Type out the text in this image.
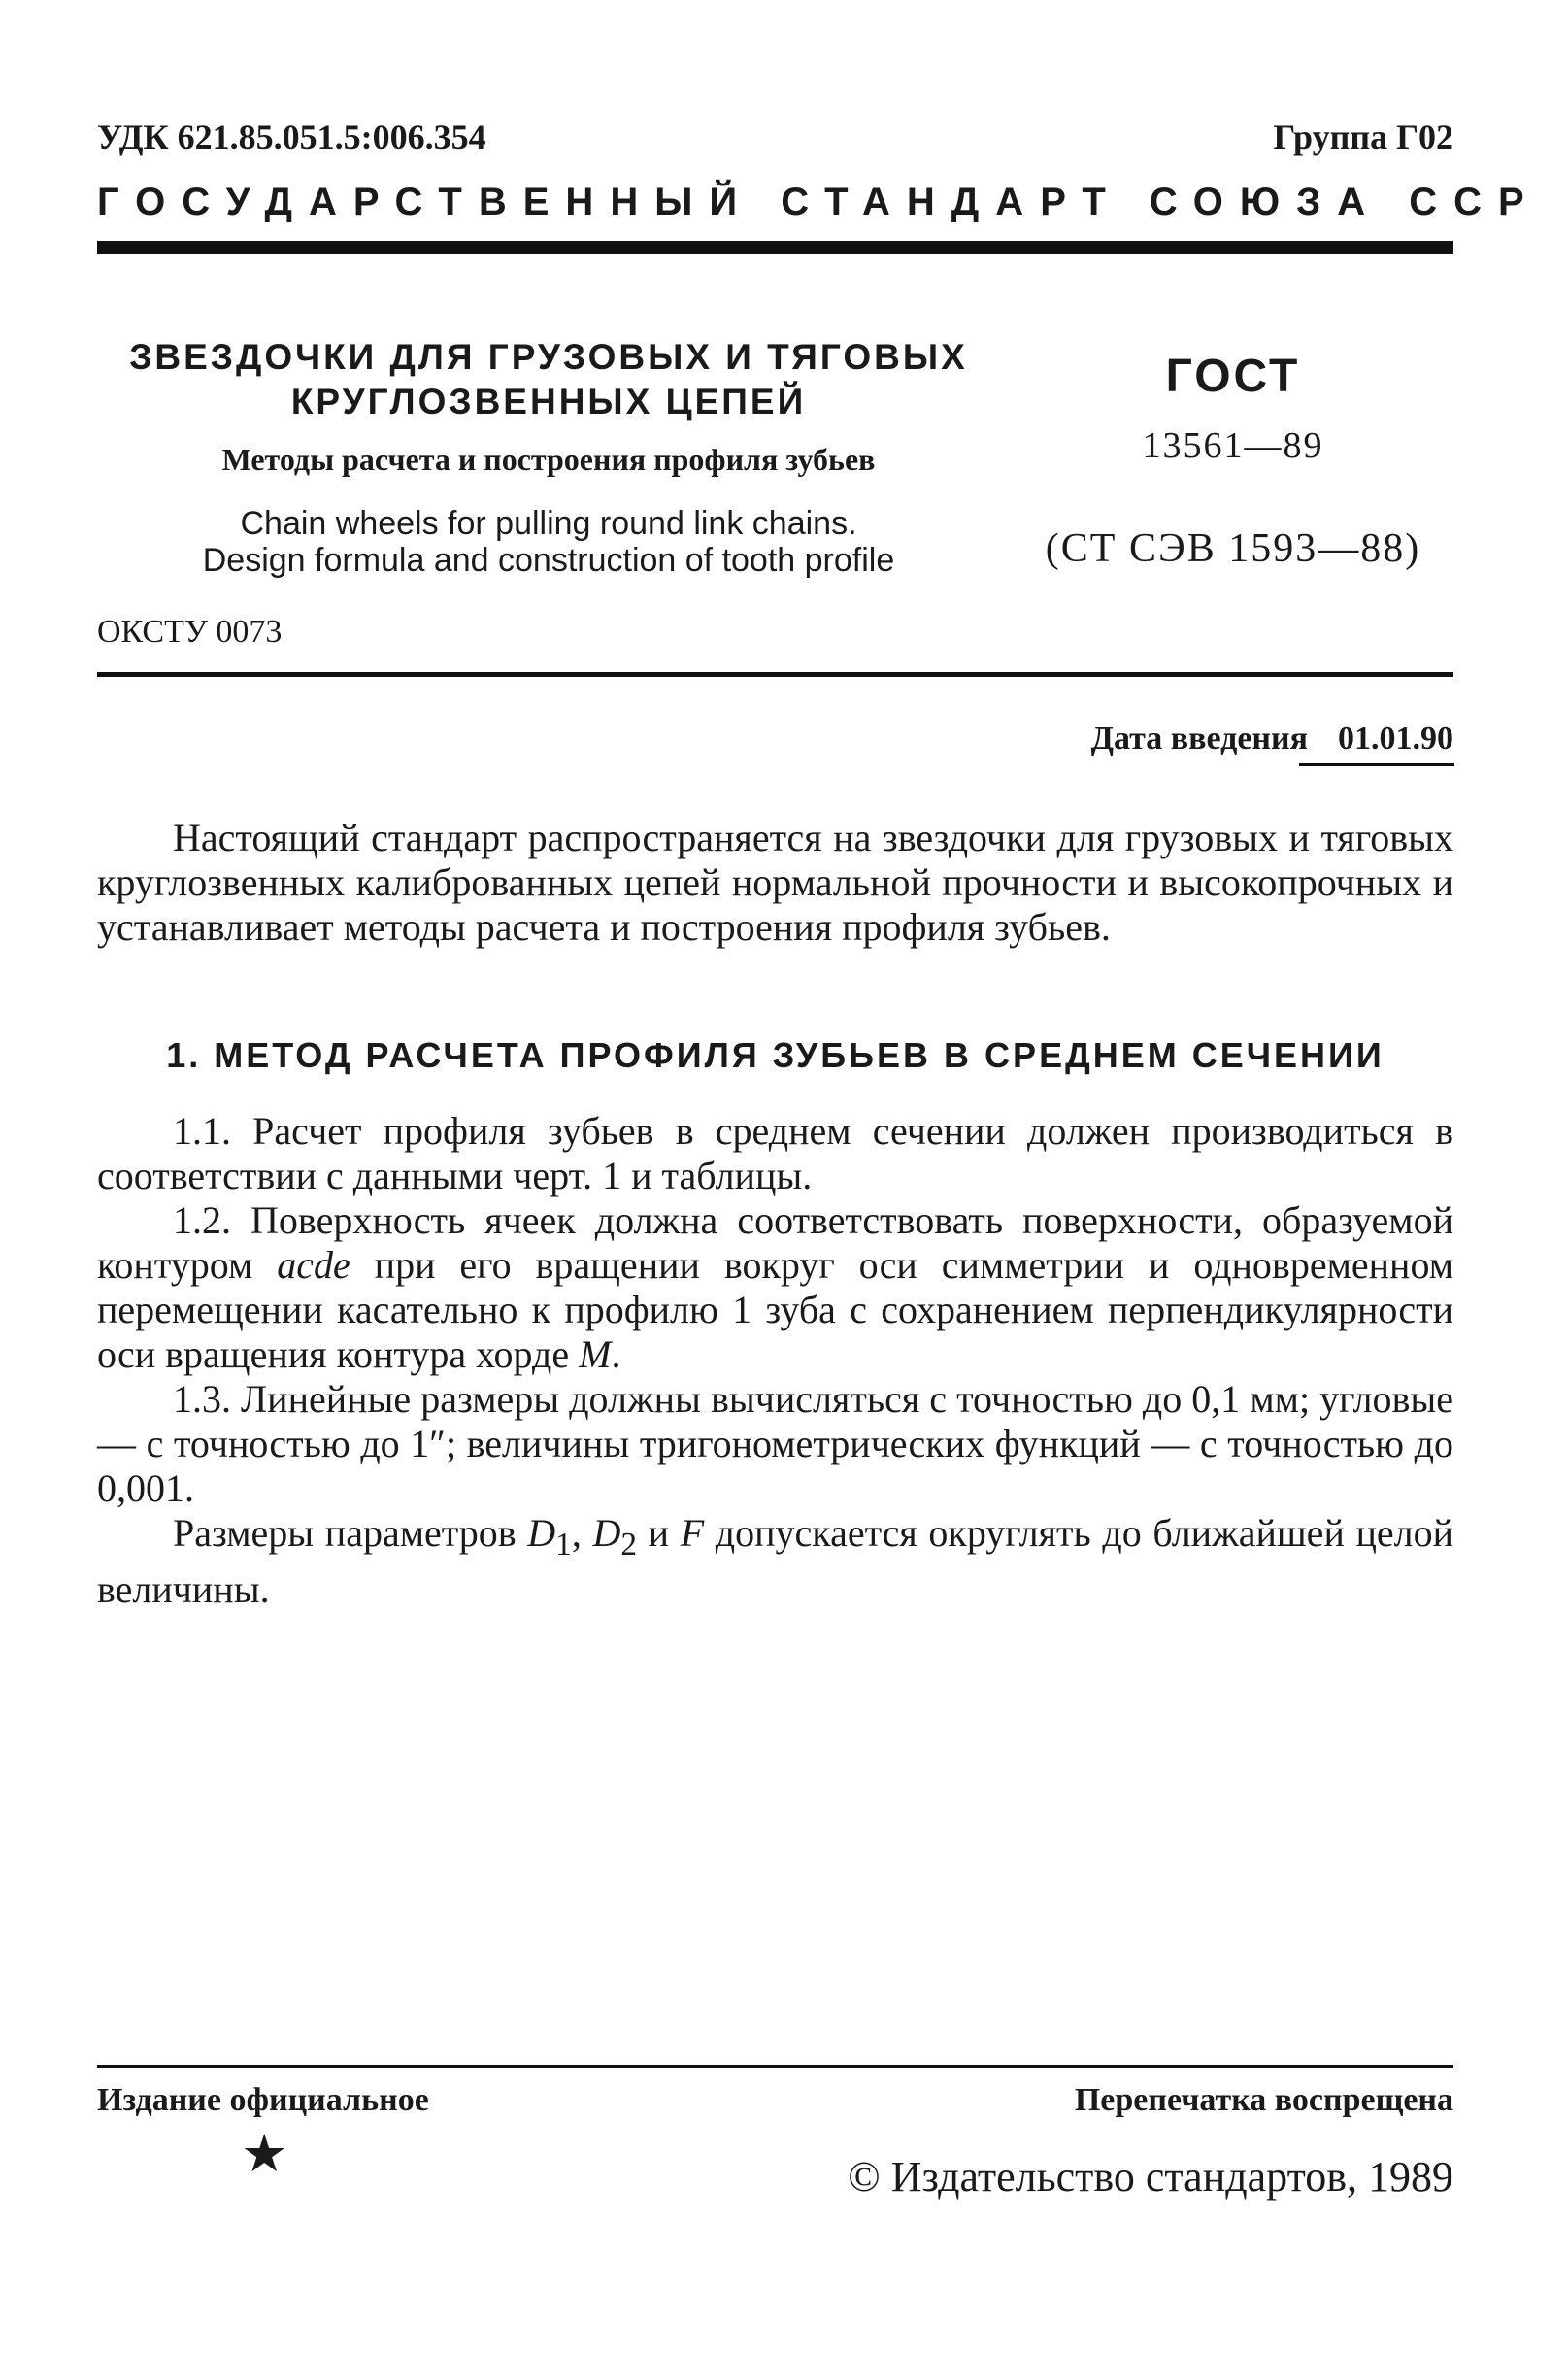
УДК 621.85.051.5:006.354	Группа Г02
ГОСУДАРСТВЕННЫЙ СТАНДАРТ СОЮЗА ССР
ЗВЕЗДОЧКИ ДЛЯ ГРУЗОВЫХ И ТЯГОВЫХ
КРУГЛОЗВЕННЫХ ЦЕПЕЙ
Методы расчета и построения профиля зубьев
Chain wheels for pulling round link chains.
Design formula and construction of tooth profile
ГОСТ
13561—89
(СТ СЭВ 1593—88)
ОКСТУ 0073
Дата введения 01.01.90
Настоящий стандарт распространяется на звездочки для грузовых и тяговых круглозвенных калиброванных цепей нормальной прочности и высокопрочных и устанавливает методы расчета и построения профиля зубьев.
1. МЕТОД РАСЧЕТА ПРОФИЛЯ ЗУБЬЕВ В СРЕДНЕМ СЕЧЕНИИ

1.1. Расчет профиля зубьев в среднем сечении должен производиться в соответствии с данными черт. 1 и таблицы.

1.2. Поверхность ячеек должна соответствовать поверхности, образуемой контуром acde при его вращении вокруг оси симметрии и одновременном перемещении касательно к профилю 1 зуба с сохранением перпендикулярности оси вращения контура хорде M.

1.3. Линейные размеры должны вычисляться с точностью до 0,1 мм; угловые — с точностью до 1″; величины тригонометрических функций — с точностью до 0,001.

Размеры параметров $D_1$, $D_2$ и F допускается округлять до ближайшей целой величины.

Издание официальное	Перепечатка воспрещена
★	© Издательство стандартов, 1989
